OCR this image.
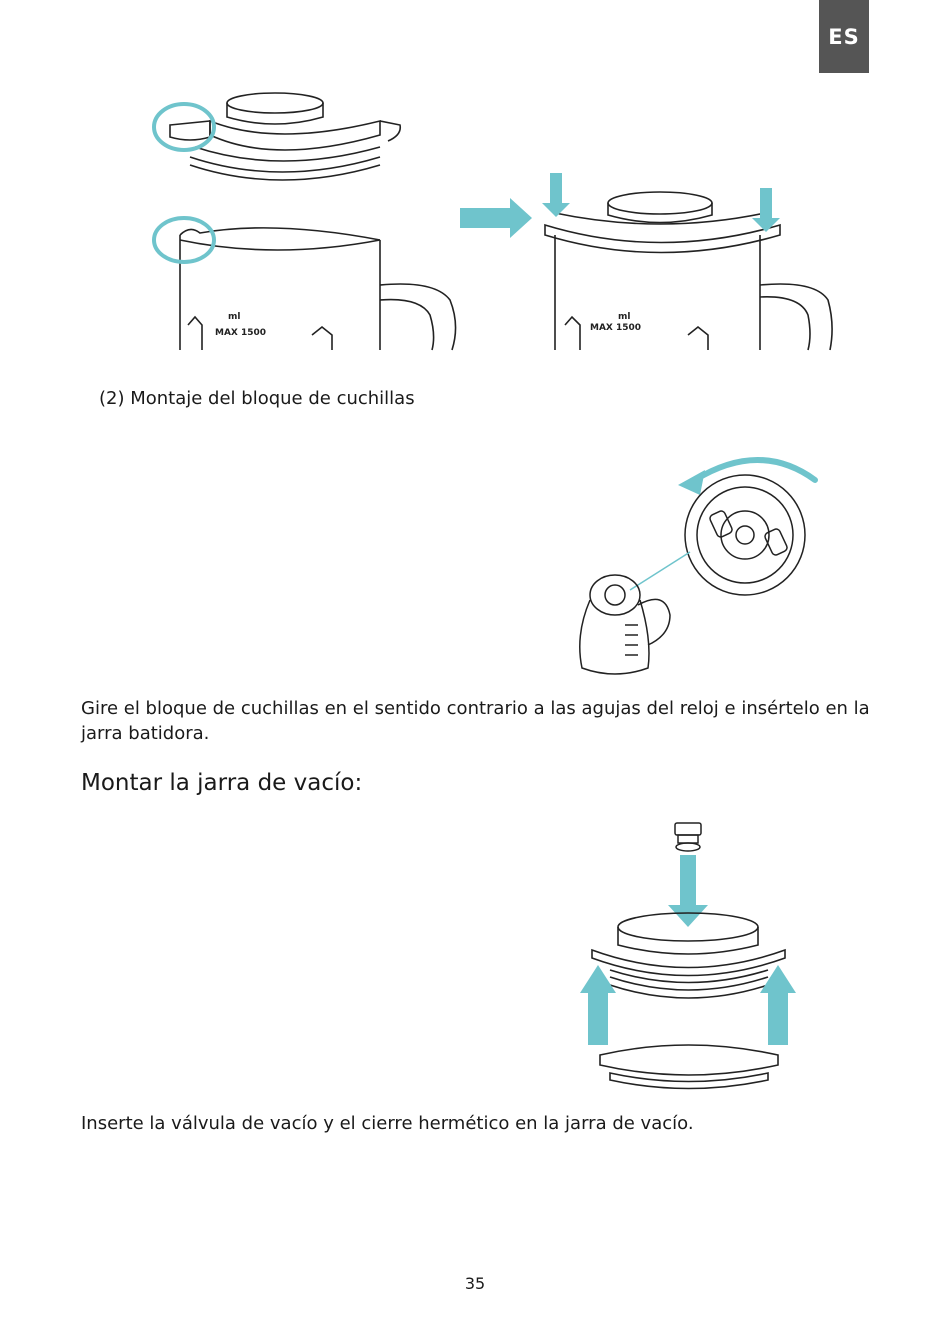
ES
ml
MAX 1500
ml
MAX 1500
(2) Montaje del bloque de cuchillas

Gire el bloque de cuchillas en el sentido contrario a las agujas del reloj e insértelo en la jarra batidora.

Montar la jarra de vacío:

Inserte la válvula de vacío y el cierre hermético en la jarra de vacío.

35
